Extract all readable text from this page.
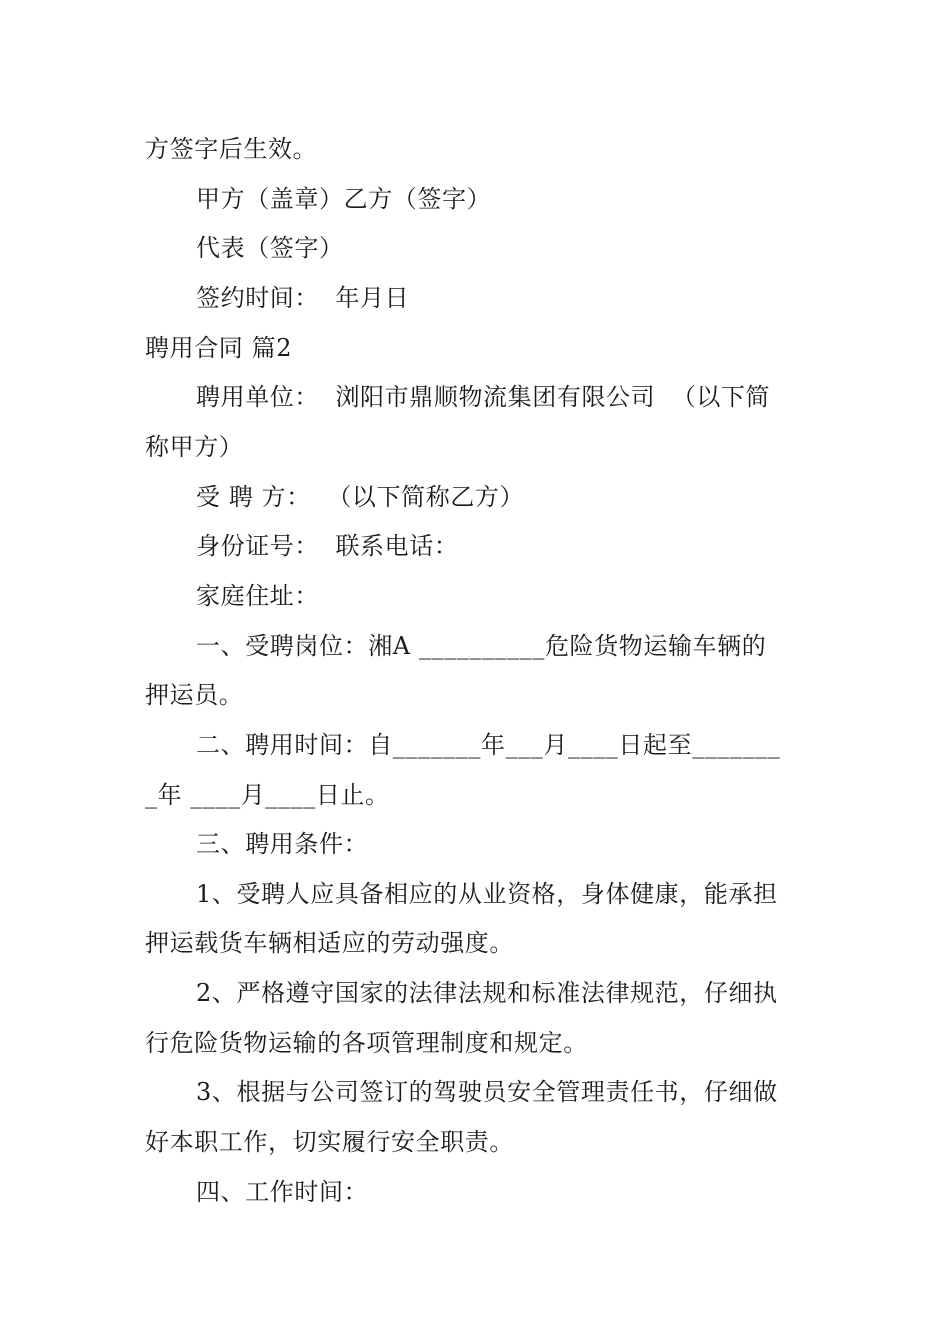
方签字后生效。
甲方（盖章）乙方（签字）
代表（签字）
签约时间：  年月日
聘用合同 篇2
聘用单位：  浏阳市鼎顺物流集团有限公司  （以下简
称甲方）
受 聘 方：  （以下简称乙方）
身份证号：  联系电话：
家庭住址：
一、受聘岗位：湘A __________危险货物运输车辆的
押运员。
二、聘用时间：自_______年___月____日起至_______
_年 ____月____日止。
三、聘用条件：
1、受聘人应具备相应的从业资格，身体健康，能承担
押运载货车辆相适应的劳动强度。
2、严格遵守国家的法律法规和标准法律规范，仔细执
行危险货物运输的各项管理制度和规定。
3、根据与公司签订的驾驶员安全管理责任书，仔细做
好本职工作，切实履行安全职责。
四、工作时间：
